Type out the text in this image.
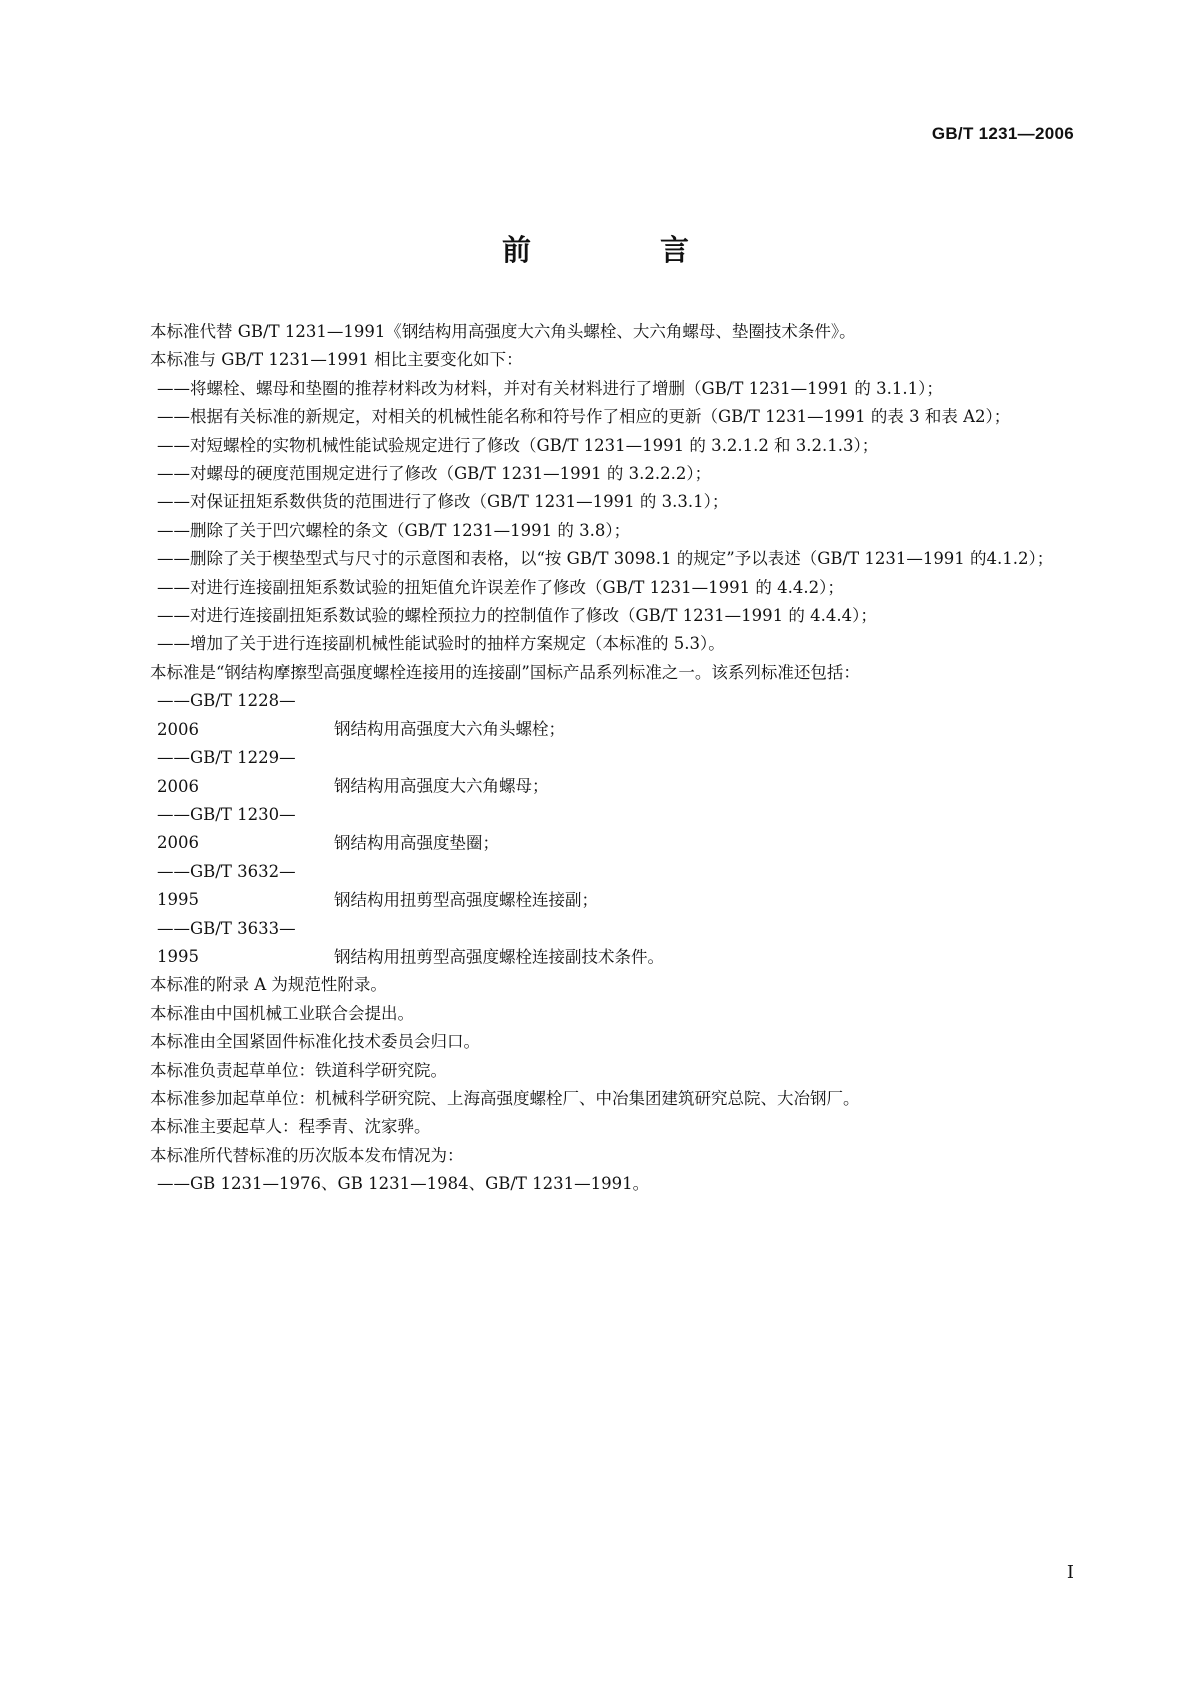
GB/T 1231—2006
前　言

本标准代替 GB/T 1231—1991《钢结构用高强度大六角头螺栓、大六角螺母、垫圈技术条件》。

本标准与 GB/T 1231—1991 相比主要变化如下：

——将螺栓、螺母和垫圈的推荐材料改为材料，并对有关材料进行了增删（GB/T 1231—1991 的 3.1.1）；

——根据有关标准的新规定，对相关的机械性能名称和符号作了相应的更新（GB/T 1231—1991 的表 3 和表 A2）；

——对短螺栓的实物机械性能试验规定进行了修改（GB/T 1231—1991 的 3.2.1.2 和 3.2.1.3）；

——对螺母的硬度范围规定进行了修改（GB/T 1231—1991 的 3.2.2.2）；

——对保证扭矩系数供货的范围进行了修改（GB/T 1231—1991 的 3.3.1）；

——删除了关于凹穴螺栓的条文（GB/T 1231—1991 的 3.8）；

——删除了关于楔垫型式与尺寸的示意图和表格，以“按 GB/T 3098.1 的规定”予以表述（GB/T 1231—1991 的4.1.2）；

——对进行连接副扭矩系数试验的扭矩值允许误差作了修改（GB/T 1231—1991 的 4.4.2）；

——对进行连接副扭矩系数试验的螺栓预拉力的控制值作了修改（GB/T 1231—1991 的 4.4.4）；

——增加了关于进行连接副机械性能试验时的抽样方案规定（本标准的 5.3）。

本标准是“钢结构摩擦型高强度螺栓连接用的连接副”国标产品系列标准之一。该系列标准还包括：

——GB/T 1228—2006	钢结构用高强度大六角头螺栓；

——GB/T 1229—2006	钢结构用高强度大六角螺母；

——GB/T 1230—2006	钢结构用高强度垫圈；

——GB/T 3632—1995	钢结构用扭剪型高强度螺栓连接副；

——GB/T 3633—1995	钢结构用扭剪型高强度螺栓连接副技术条件。

本标准的附录 A 为规范性附录。

本标准由中国机械工业联合会提出。

本标准由全国紧固件标准化技术委员会归口。

本标准负责起草单位：铁道科学研究院。

本标准参加起草单位：机械科学研究院、上海高强度螺栓厂、中冶集团建筑研究总院、大冶钢厂。

本标准主要起草人：程季青、沈家骅。

本标准所代替标准的历次版本发布情况为：

——GB 1231—1976、GB 1231—1984、GB/T 1231—1991。

I
